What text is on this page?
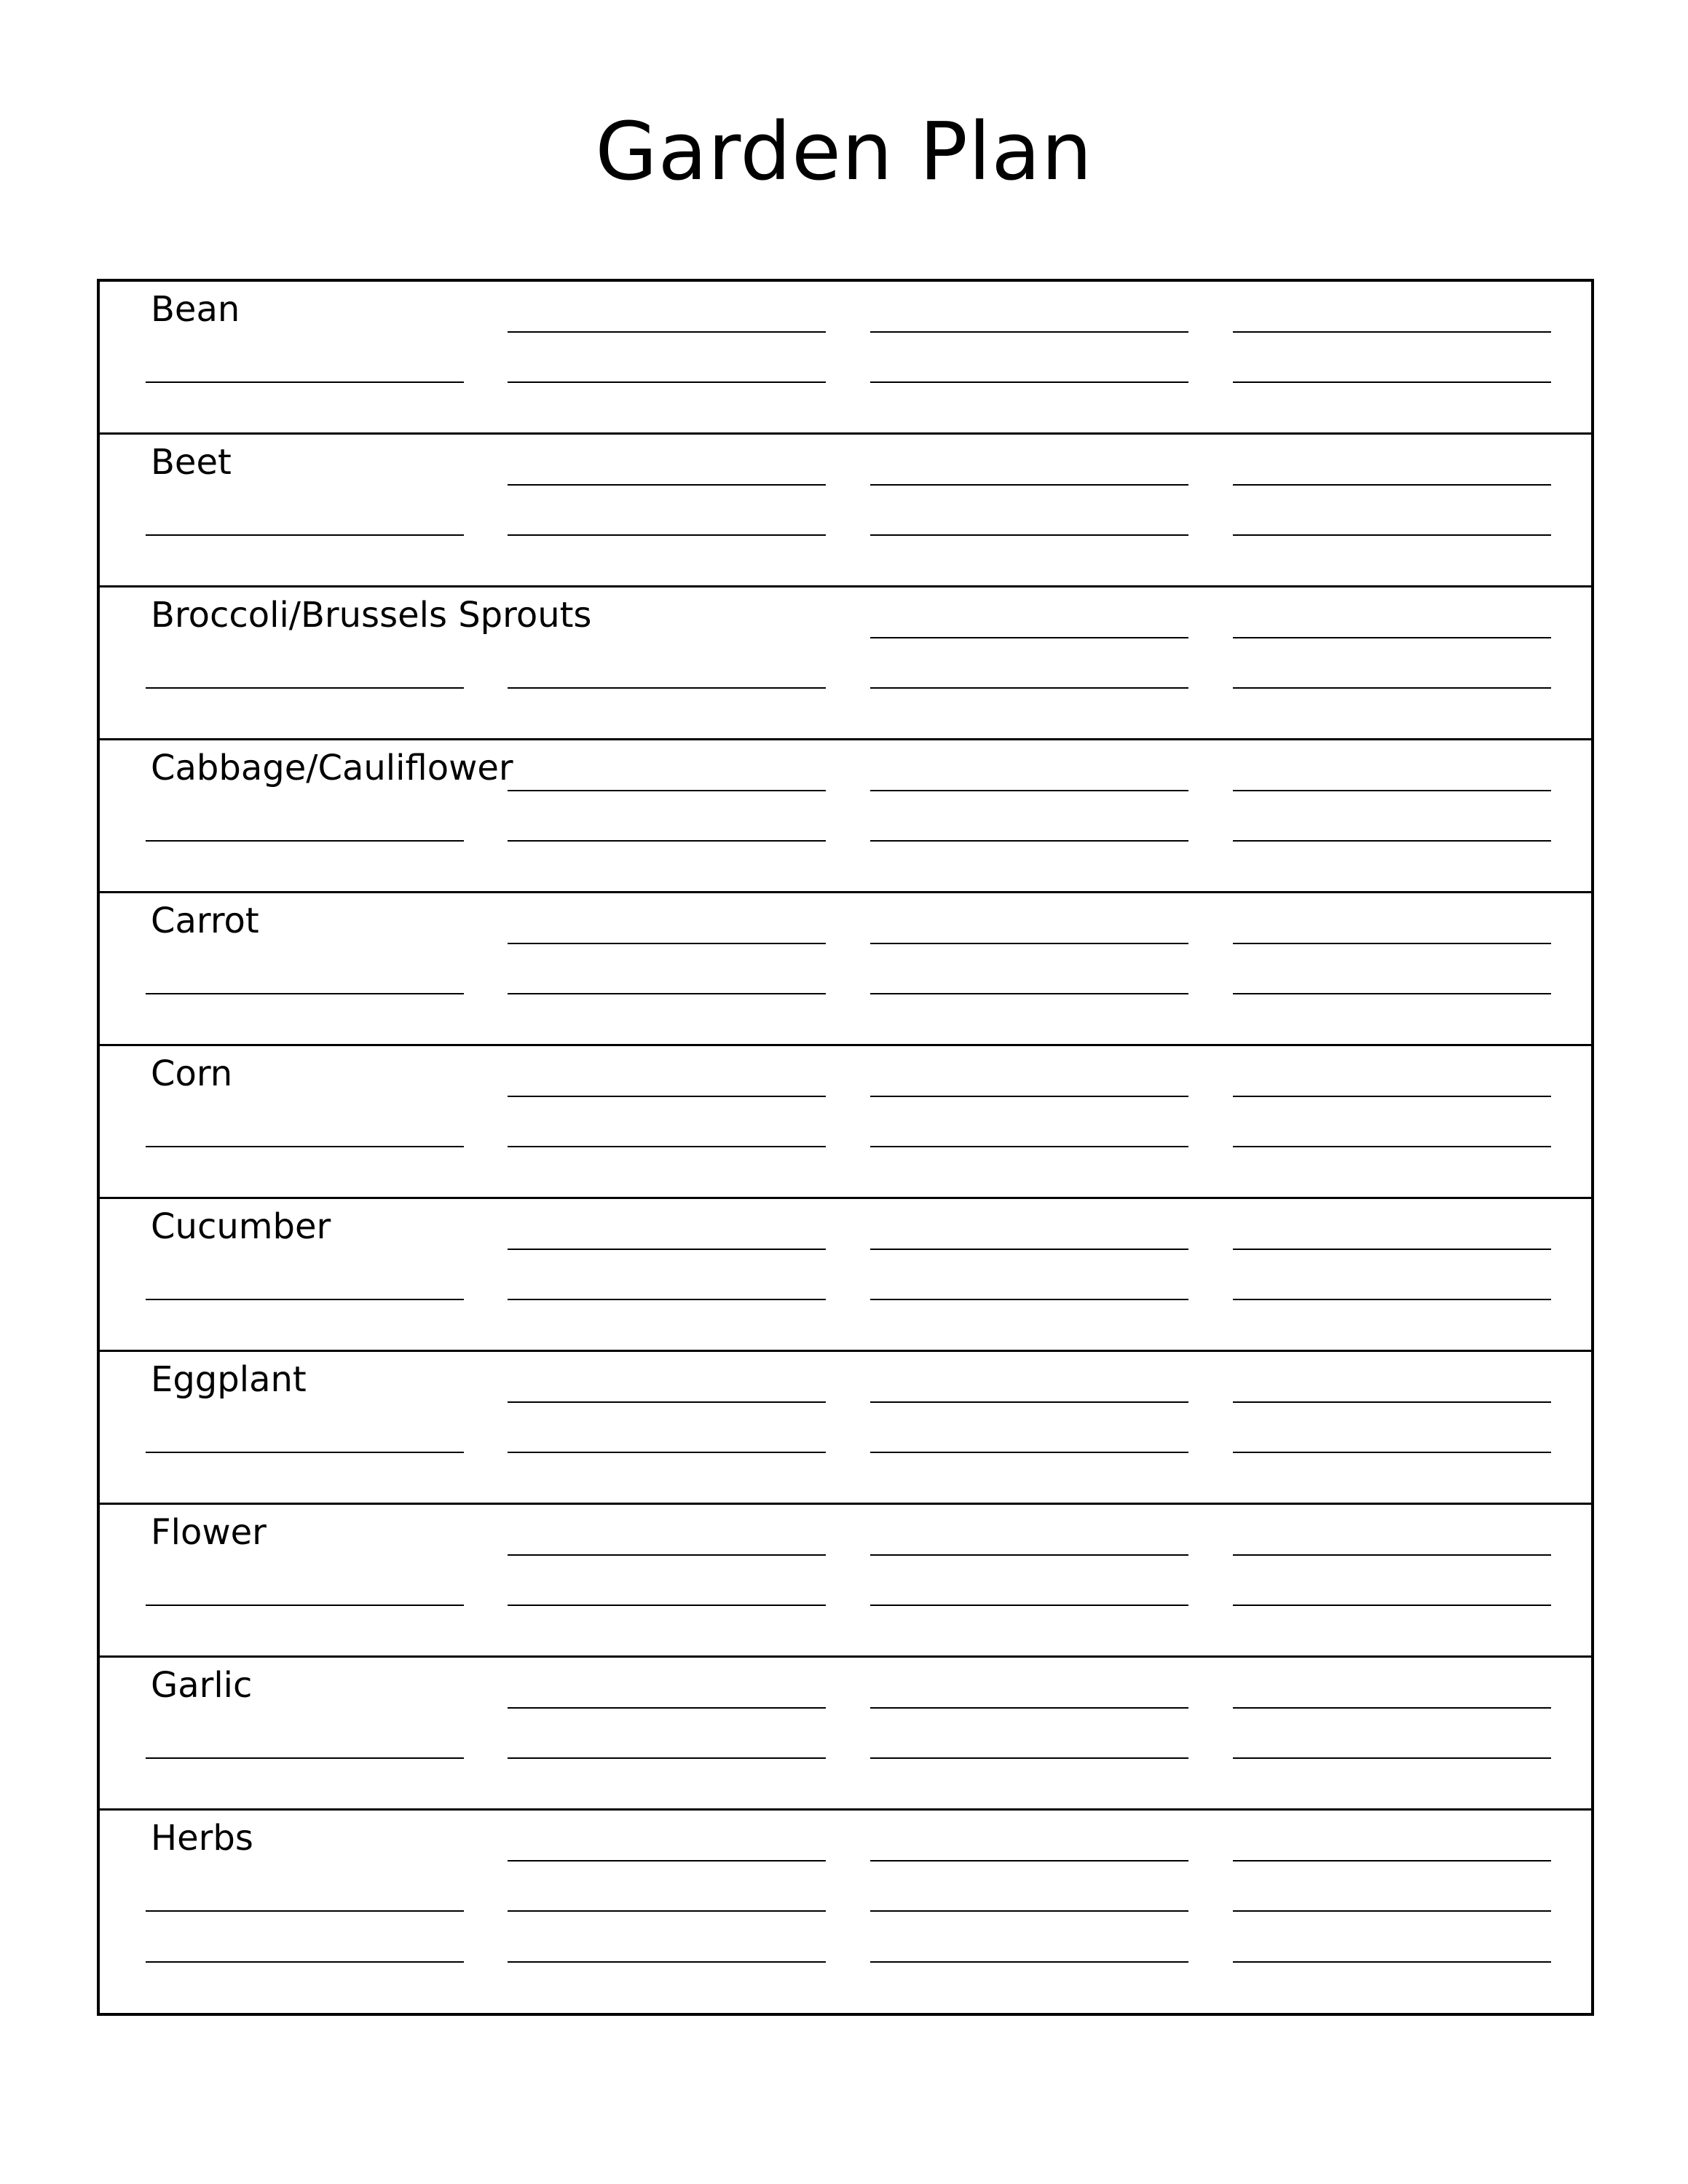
Garden Plan
Bean
Beet
Broccoli/Brussels Sprouts
Cabbage/Cauliflower
Carrot
Corn
Cucumber
Eggplant
Flower
Garlic
Herbs
